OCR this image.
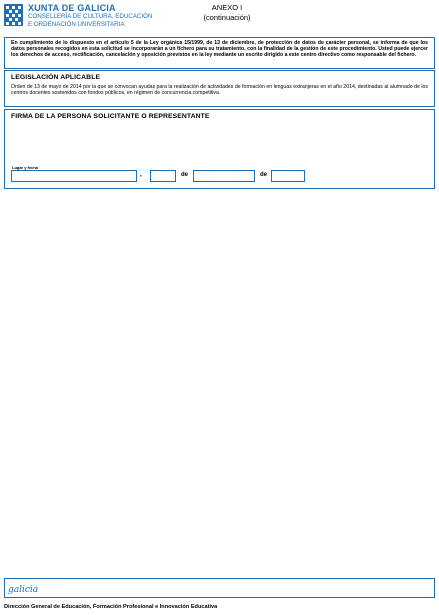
XUNTA DE GALICIA
CONSELLERÍA DE CULTURA, EDUCACIÓN
E ORDENACIÓN UNIVERSITARIA
ANEXO I
(continuación)
En cumplimiento de lo dispuesto en el artículo 5 de la Ley orgánica 15/1999, de 13 de diciembre, de protección de datos de carácter personal, se informa de que los datos personales recogidos en esta solicitud se incorporarán a un fichero para su tratamiento, con la finalidad de la gestión de este procedimiento. Usted puede ejercer los derechos de acceso, rectificación, cancelación y oposición previstos en la ley mediante un escrito dirigido a este centro directivo como responsable del fichero.
LEGISLACIÓN APLICABLE
Orden de 13 de mayo de 2014 por la que se convocan ayudas para la realización de actividades de formación en lenguas extranjeras en el año 2014, destinadas al alumnado de los centros docentes sostenidos con fondos públicos, en régimen de concurrencia competitiva.
FIRMA DE LA PERSONA SOLICITANTE O REPRESENTANTE
Lugar y fecha
,	de	de
galicia
Dirección General de Educación, Formación Profesional e Innovación Educativa
